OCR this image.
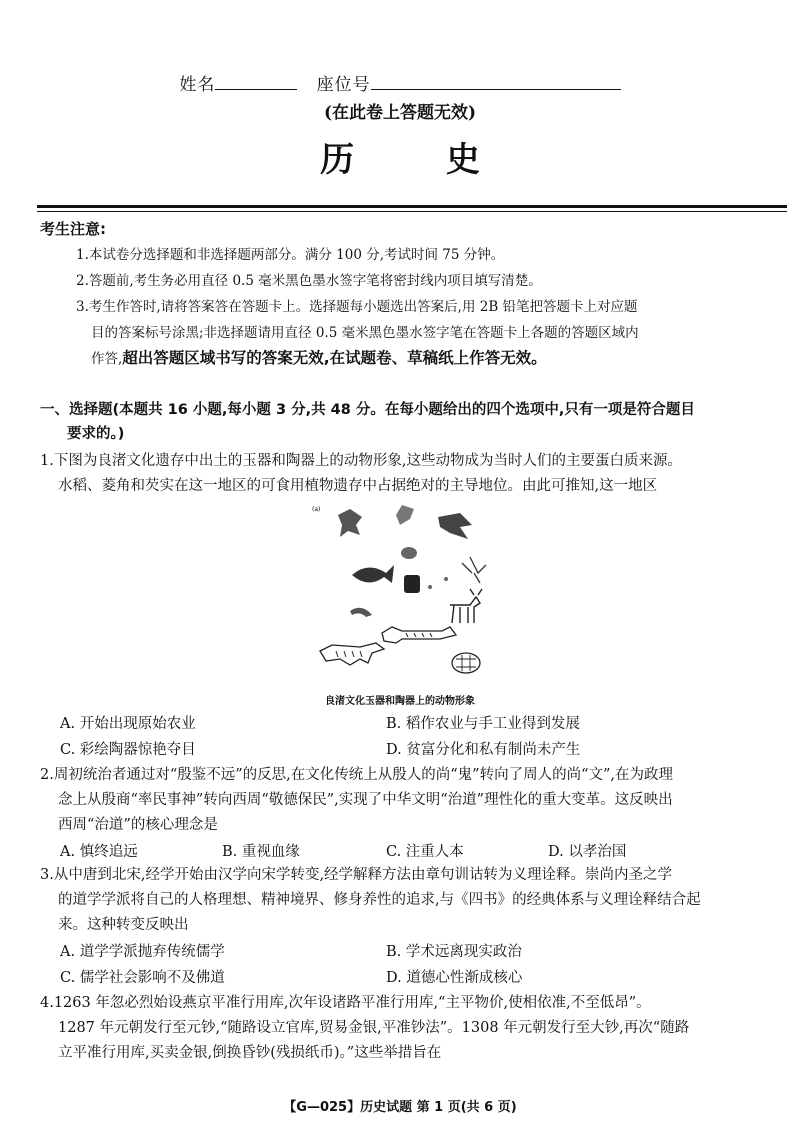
姓名	座位号
(在此卷上答题无效)
历 史
考生注意:
1.本试卷分选择题和非选择题两部分。满分 100 分,考试时间 75 分钟。
2.答题前,考生务必用直径 0.5 毫米黑色墨水签字笔将密封线内项目填写清楚。
3.考生作答时,请将答案答在答题卡上。选择题每小题选出答案后,用 2B 铅笔把答题卡上对应题
目的答案标号涂黑;非选择题请用直径 0.5 毫米黑色墨水签字笔在答题卡上各题的答题区域内
作答,超出答题区域书写的答案无效,在试题卷、草稿纸上作答无效。
一、选择题(本题共 16 小题,每小题 3 分,共 48 分。在每小题给出的四个选项中,只有一项是符合题目
要求的。)
1.下图为良渚文化遗存中出土的玉器和陶器上的动物形象,这些动物成为当时人们的主要蛋白质来源。
水稻、菱角和芡实在这一地区的可食用植物遗存中占据绝对的主导地位。由此可推知,这一地区
(a)
良渚文化玉器和陶器上的动物形象
A. 开始出现原始农业	B. 稻作农业与手工业得到发展
C. 彩绘陶器惊艳夺目	D. 贫富分化和私有制尚未产生
2.周初统治者通过对“殷鉴不远”的反思,在文化传统上从殷人的尚“鬼”转向了周人的尚“文”,在为政理
念上从殷商“率民事神”转向西周“敬德保民”,实现了中华文明“治道”理性化的重大变革。这反映出
西周“治道”的核心理念是
A. 慎终追远	B. 重视血缘	C. 注重人本	D. 以孝治国
3.从中唐到北宋,经学开始由汉学向宋学转变,经学解释方法由章句训诂转为义理诠释。崇尚内圣之学
的道学学派将自己的人格理想、精神境界、修身养性的追求,与《四书》的经典体系与义理诠释结合起
来。这种转变反映出
A. 道学学派抛弃传统儒学	B. 学术远离现实政治
C. 儒学社会影响不及佛道	D. 道德心性渐成核心
4.1263 年忽必烈始设燕京平准行用库,次年设诸路平准行用库,“主平物价,使相依准,不至低昂”。
1287 年元朝发行至元钞,“随路设立官库,贸易金银,平准钞法”。1308 年元朝发行至大钞,再次“随路
立平准行用库,买卖金银,倒换昏钞(残损纸币)。”这些举措旨在
【G—025】历史试题 第 1 页(共 6 页)
